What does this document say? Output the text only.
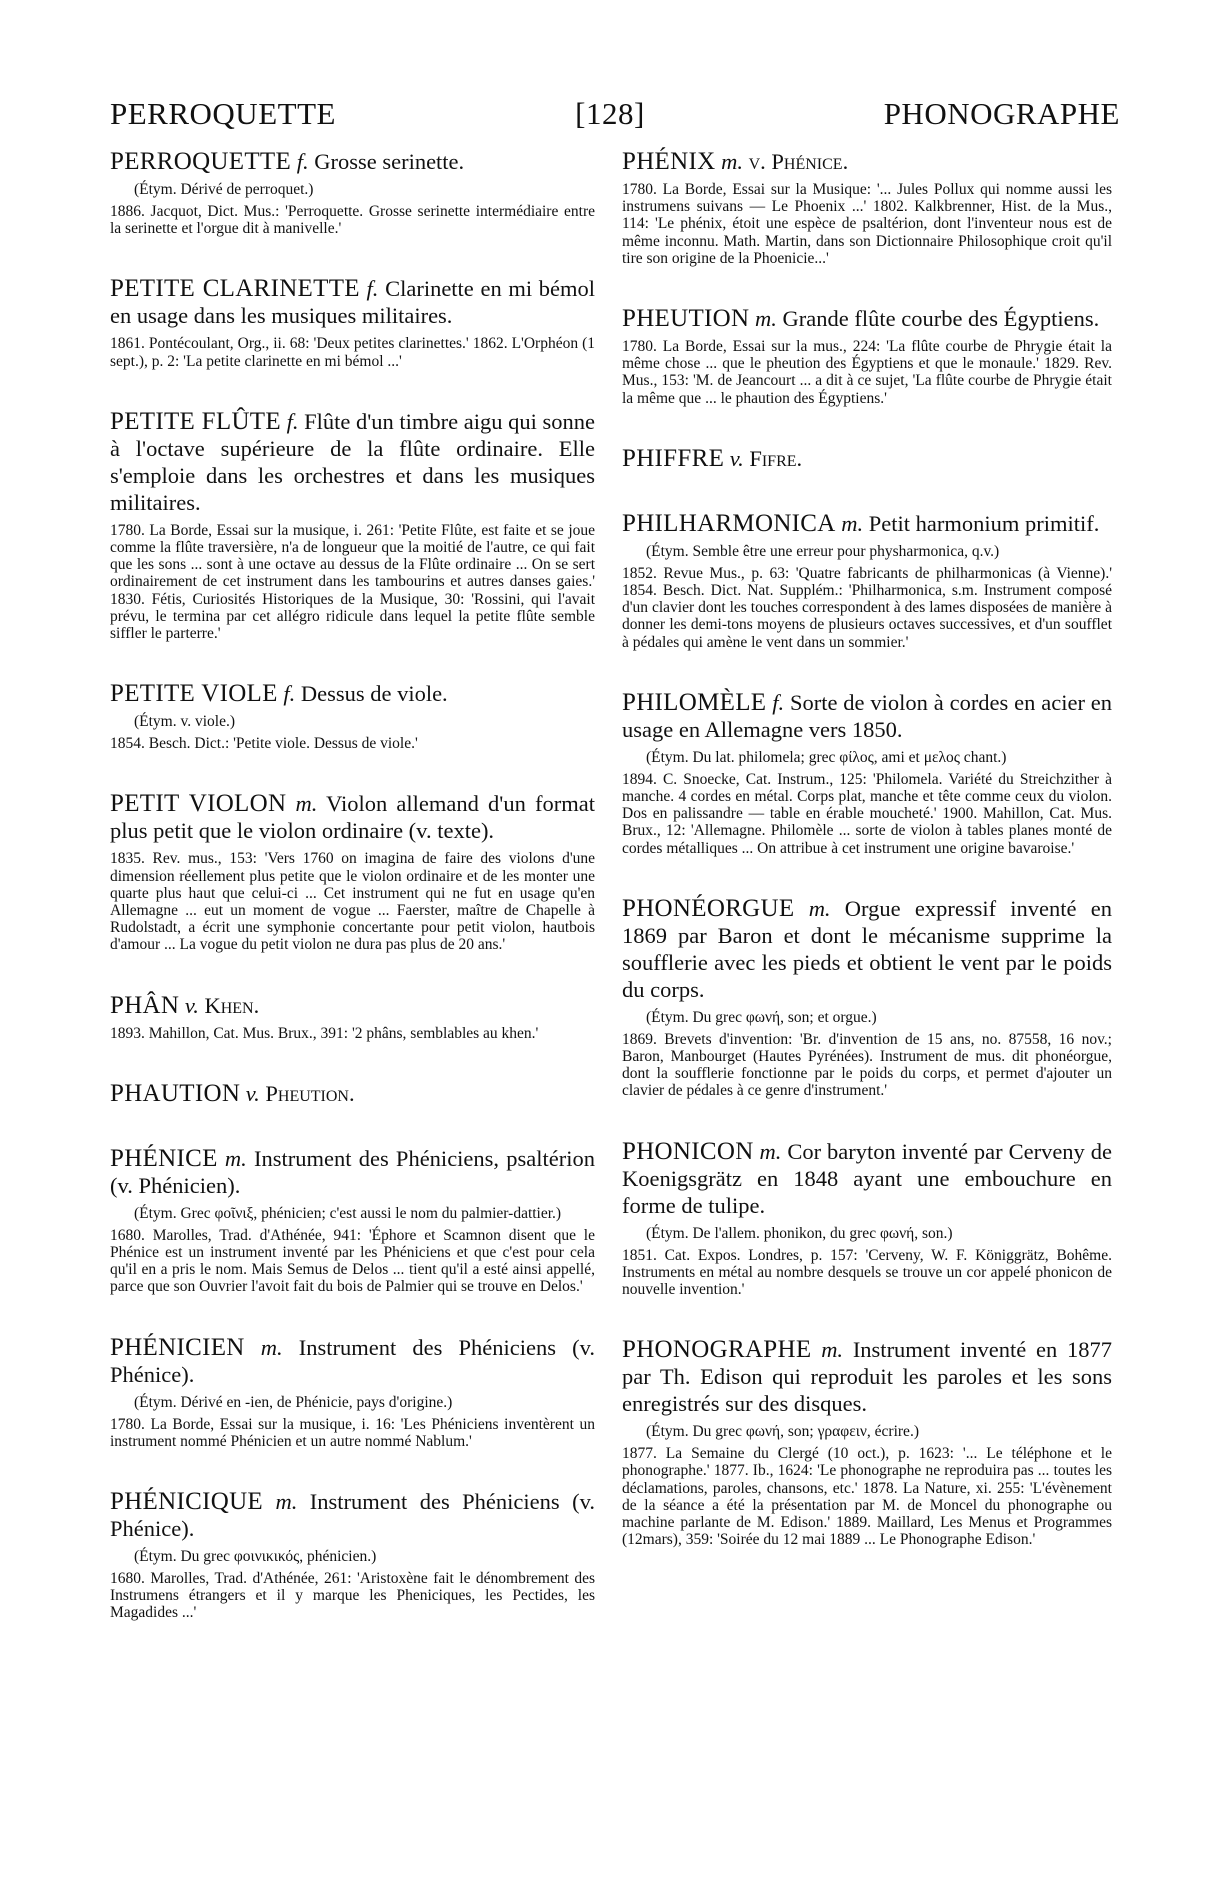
PERROQUETTE	[128]	PHONOGRAPHE

PERROQUETTE f. Grosse serinette.

(Étym. Dérivé de perroquet.)

1886. Jacquot, Dict. Mus.: 'Perroquette. Grosse serinette intermédiaire entre la serinette et l'orgue dit à manivelle.'

PETITE CLARINETTE f. Clarinette en mi bémol en usage dans les musiques militaires.

1861. Pontécoulant, Org., ii. 68: 'Deux petites clarinettes.' 1862. L'Orphéon (1 sept.), p. 2: 'La petite clarinette en mi bémol ...'

PETITE FLÛTE f. Flûte d'un timbre aigu qui sonne à l'octave supérieure de la flûte ordinaire. Elle s'emploie dans les orchestres et dans les musiques militaires.

1780. La Borde, Essai sur la musique, i. 261: 'Petite Flûte, est faite et se joue comme la flûte traversière, n'a de longueur que la moitié de l'autre, ce qui fait que les sons ... sont à une octave au dessus de la Flûte ordinaire ... On se sert ordinairement de cet instrument dans les tambourins et autres danses gaies.' 1830. Fétis, Curiosités Historiques de la Musique, 30: 'Rossini, qui l'avait prévu, le termina par cet allégro ridicule dans lequel la petite flûte semble siffler le parterre.'

PETITE VIOLE f. Dessus de viole.

(Étym. v. viole.)

1854. Besch. Dict.: 'Petite viole. Dessus de viole.'

PETIT VIOLON m. Violon allemand d'un format plus petit que le violon ordinaire (v. texte).

1835. Rev. mus., 153: 'Vers 1760 on imagina de faire des violons d'une dimension réellement plus petite que le violon ordinaire et de les monter une quarte plus haut que celui-ci ... Cet instrument qui ne fut en usage qu'en Allemagne ... eut un moment de vogue ... Faerster, maître de Chapelle à Rudolstadt, a écrit une symphonie concertante pour petit violon, hautbois d'amour ... La vogue du petit violon ne dura pas plus de 20 ans.'

PHÂN v. Khen.

1893. Mahillon, Cat. Mus. Brux., 391: '2 phâns, semblables au khen.'

PHAUTION v. Pheution.

PHÉNICE m. Instrument des Phéniciens, psaltérion (v. Phénicien).

(Étym. Grec φοῖνιξ, phénicien; c'est aussi le nom du palmier-dattier.)

1680. Marolles, Trad. d'Athénée, 941: 'Éphore et Scamnon disent que le Phénice est un instrument inventé par les Phéniciens et que c'est pour cela qu'il en a pris le nom. Mais Semus de Delos ... tient qu'il a esté ainsi appellé, parce que son Ouvrier l'avoit fait du bois de Palmier qui se trouve en Delos.'

PHÉNICIEN m. Instrument des Phéniciens (v. Phénice).

(Étym. Dérivé en -ien, de Phénicie, pays d'origine.)

1780. La Borde, Essai sur la musique, i. 16: 'Les Phéniciens inventèrent un instrument nommé Phénicien et un autre nommé Nablum.'

PHÉNICIQUE m. Instrument des Phéniciens (v. Phénice).

(Étym. Du grec φοινικικός, phénicien.)

1680. Marolles, Trad. d'Athénée, 261: 'Aristoxène fait le dénombrement des Instrumens étrangers et il y marque les Pheniciques, les Pectides, les Magadides ...'

PHÉNIX m. v. Phénice.

1780. La Borde, Essai sur la Musique: '... Jules Pollux qui nomme aussi les instrumens suivans — Le Phoenix ...' 1802. Kalkbrenner, Hist. de la Mus., 114: 'Le phénix, étoit une espèce de psaltérion, dont l'inventeur nous est de même inconnu. Math. Martin, dans son Dictionnaire Philosophique croit qu'il tire son origine de la Phoenicie...'

PHEUTION m. Grande flûte courbe des Égyptiens.

1780. La Borde, Essai sur la mus., 224: 'La flûte courbe de Phrygie était la même chose ... que le pheution des Égyptiens et que le monaule.' 1829. Rev. Mus., 153: 'M. de Jeancourt ... a dit à ce sujet, 'La flûte courbe de Phrygie était la même que ... le phaution des Égyptiens.'

PHIFFRE v. Fifre.

PHILHARMONICA m. Petit harmonium primitif.

(Étym. Semble être une erreur pour physharmonica, q.v.)

1852. Revue Mus., p. 63: 'Quatre fabricants de philharmonicas (à Vienne).' 1854. Besch. Dict. Nat. Supplém.: 'Philharmonica, s.m. Instrument composé d'un clavier dont les touches correspondent à des lames disposées de manière à donner les demi-tons moyens de plusieurs octaves successives, et d'un soufflet à pédales qui amène le vent dans un sommier.'

PHILOMÈLE f. Sorte de violon à cordes en acier en usage en Allemagne vers 1850.

(Étym. Du lat. philomela; grec φίλος, ami et μελος chant.)

1894. C. Snoecke, Cat. Instrum., 125: 'Philomela. Variété du Streichzither à manche. 4 cordes en métal. Corps plat, manche et tête comme ceux du violon. Dos en palissandre — table en érable moucheté.' 1900. Mahillon, Cat. Mus. Brux., 12: 'Allemagne. Philomèle ... sorte de violon à tables planes monté de cordes métalliques ... On attribue à cet instrument une origine bavaroise.'

PHONÉORGUE m. Orgue expressif inventé en 1869 par Baron et dont le mécanisme supprime la soufflerie avec les pieds et obtient le vent par le poids du corps.

(Étym. Du grec φωνή, son; et orgue.)

1869. Brevets d'invention: 'Br. d'invention de 15 ans, no. 87558, 16 nov.; Baron, Manbourget (Hautes Pyrénées). Instrument de mus. dit phonéorgue, dont la soufflerie fonctionne par le poids du corps, et permet d'ajouter un clavier de pédales à ce genre d'instrument.'

PHONICON m. Cor baryton inventé par Cerveny de Koenigsgrätz en 1848 ayant une embouchure en forme de tulipe.

(Étym. De l'allem. phonikon, du grec φωνή, son.)

1851. Cat. Expos. Londres, p. 157: 'Cerveny, W. F. Königgrätz, Bohême. Instruments en métal au nombre desquels se trouve un cor appelé phonicon de nouvelle invention.'

PHONOGRAPHE m. Instrument inventé en 1877 par Th. Edison qui reproduit les paroles et les sons enregistrés sur des disques.

(Étym. Du grec φωνή, son; γραφειν, écrire.)

1877. La Semaine du Clergé (10 oct.), p. 1623: '... Le téléphone et le phonographe.' 1877. Ib., 1624: 'Le phonographe ne reproduira pas ... toutes les déclamations, paroles, chansons, etc.' 1878. La Nature, xi. 255: 'L'évènement de la séance a été la présentation par M. de Moncel du phonographe ou machine parlante de M. Edison.' 1889. Maillard, Les Menus et Programmes (12mars), 359: 'Soirée du 12 mai 1889 ... Le Phonographe Edison.'
